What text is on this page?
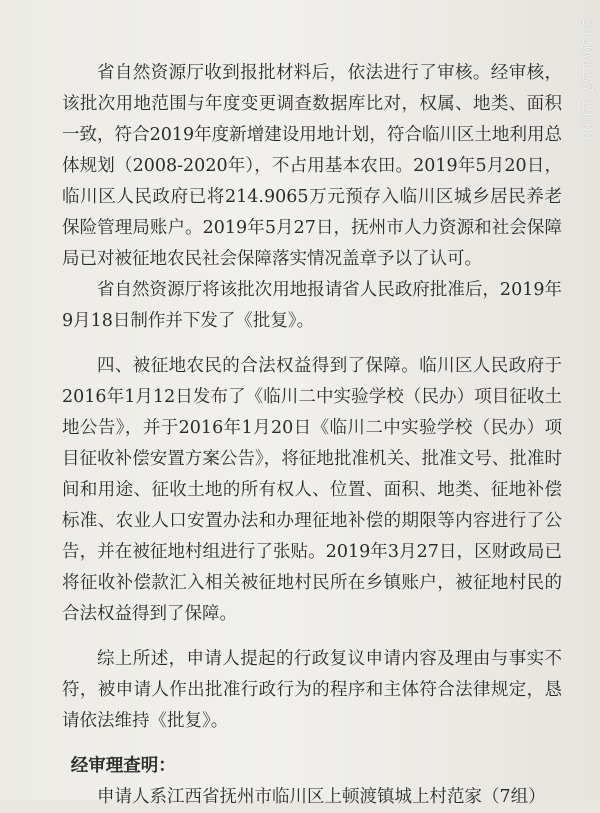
2020/12/7 19:09

省自然资源厅收到报批材料后，依法进行了审核。经审核，该批次用地范围与年度变更调查数据库比对，权属、地类、面积一致，符合2019年度新增建设用地计划，符合临川区土地利用总体规划（2008-2020年），不占用基本农田。2019年5月20日，临川区人民政府已将214.9065万元预存入临川区城乡居民养老保险管理局账户。2019年5月27日，抚州市人力资源和社会保障局已对被征地农民社会保障落实情况盖章予以了认可。

省自然资源厅将该批次用地报请省人民政府批准后，2019年9月18日制作并下发了《批复》。

四、被征地农民的合法权益得到了保障。临川区人民政府于2016年1月12日发布了《临川二中实验学校（民办）项目征收土地公告》，并于2016年1月20日《临川二中实验学校（民办）项目征收补偿安置方案公告》，将征地批准机关、批准文号、批准时间和用途、征收土地的所有权人、位置、面积、地类、征地补偿标准、农业人口安置办法和办理征地补偿的期限等内容进行了公告，并在被征地村组进行了张贴。2019年3月27日，区财政局已将征收补偿款汇入相关被征地村民所在乡镇账户，被征地村民的合法权益得到了保障。

综上所述，申请人提起的行政复议申请内容及理由与事实不符，被申请人作出批准行政行为的程序和主体符合法律规定，恳请依法维持《批复》。

经审理查明：

申请人系江西省抚州市临川区上顿渡镇城上村范家（7组）
